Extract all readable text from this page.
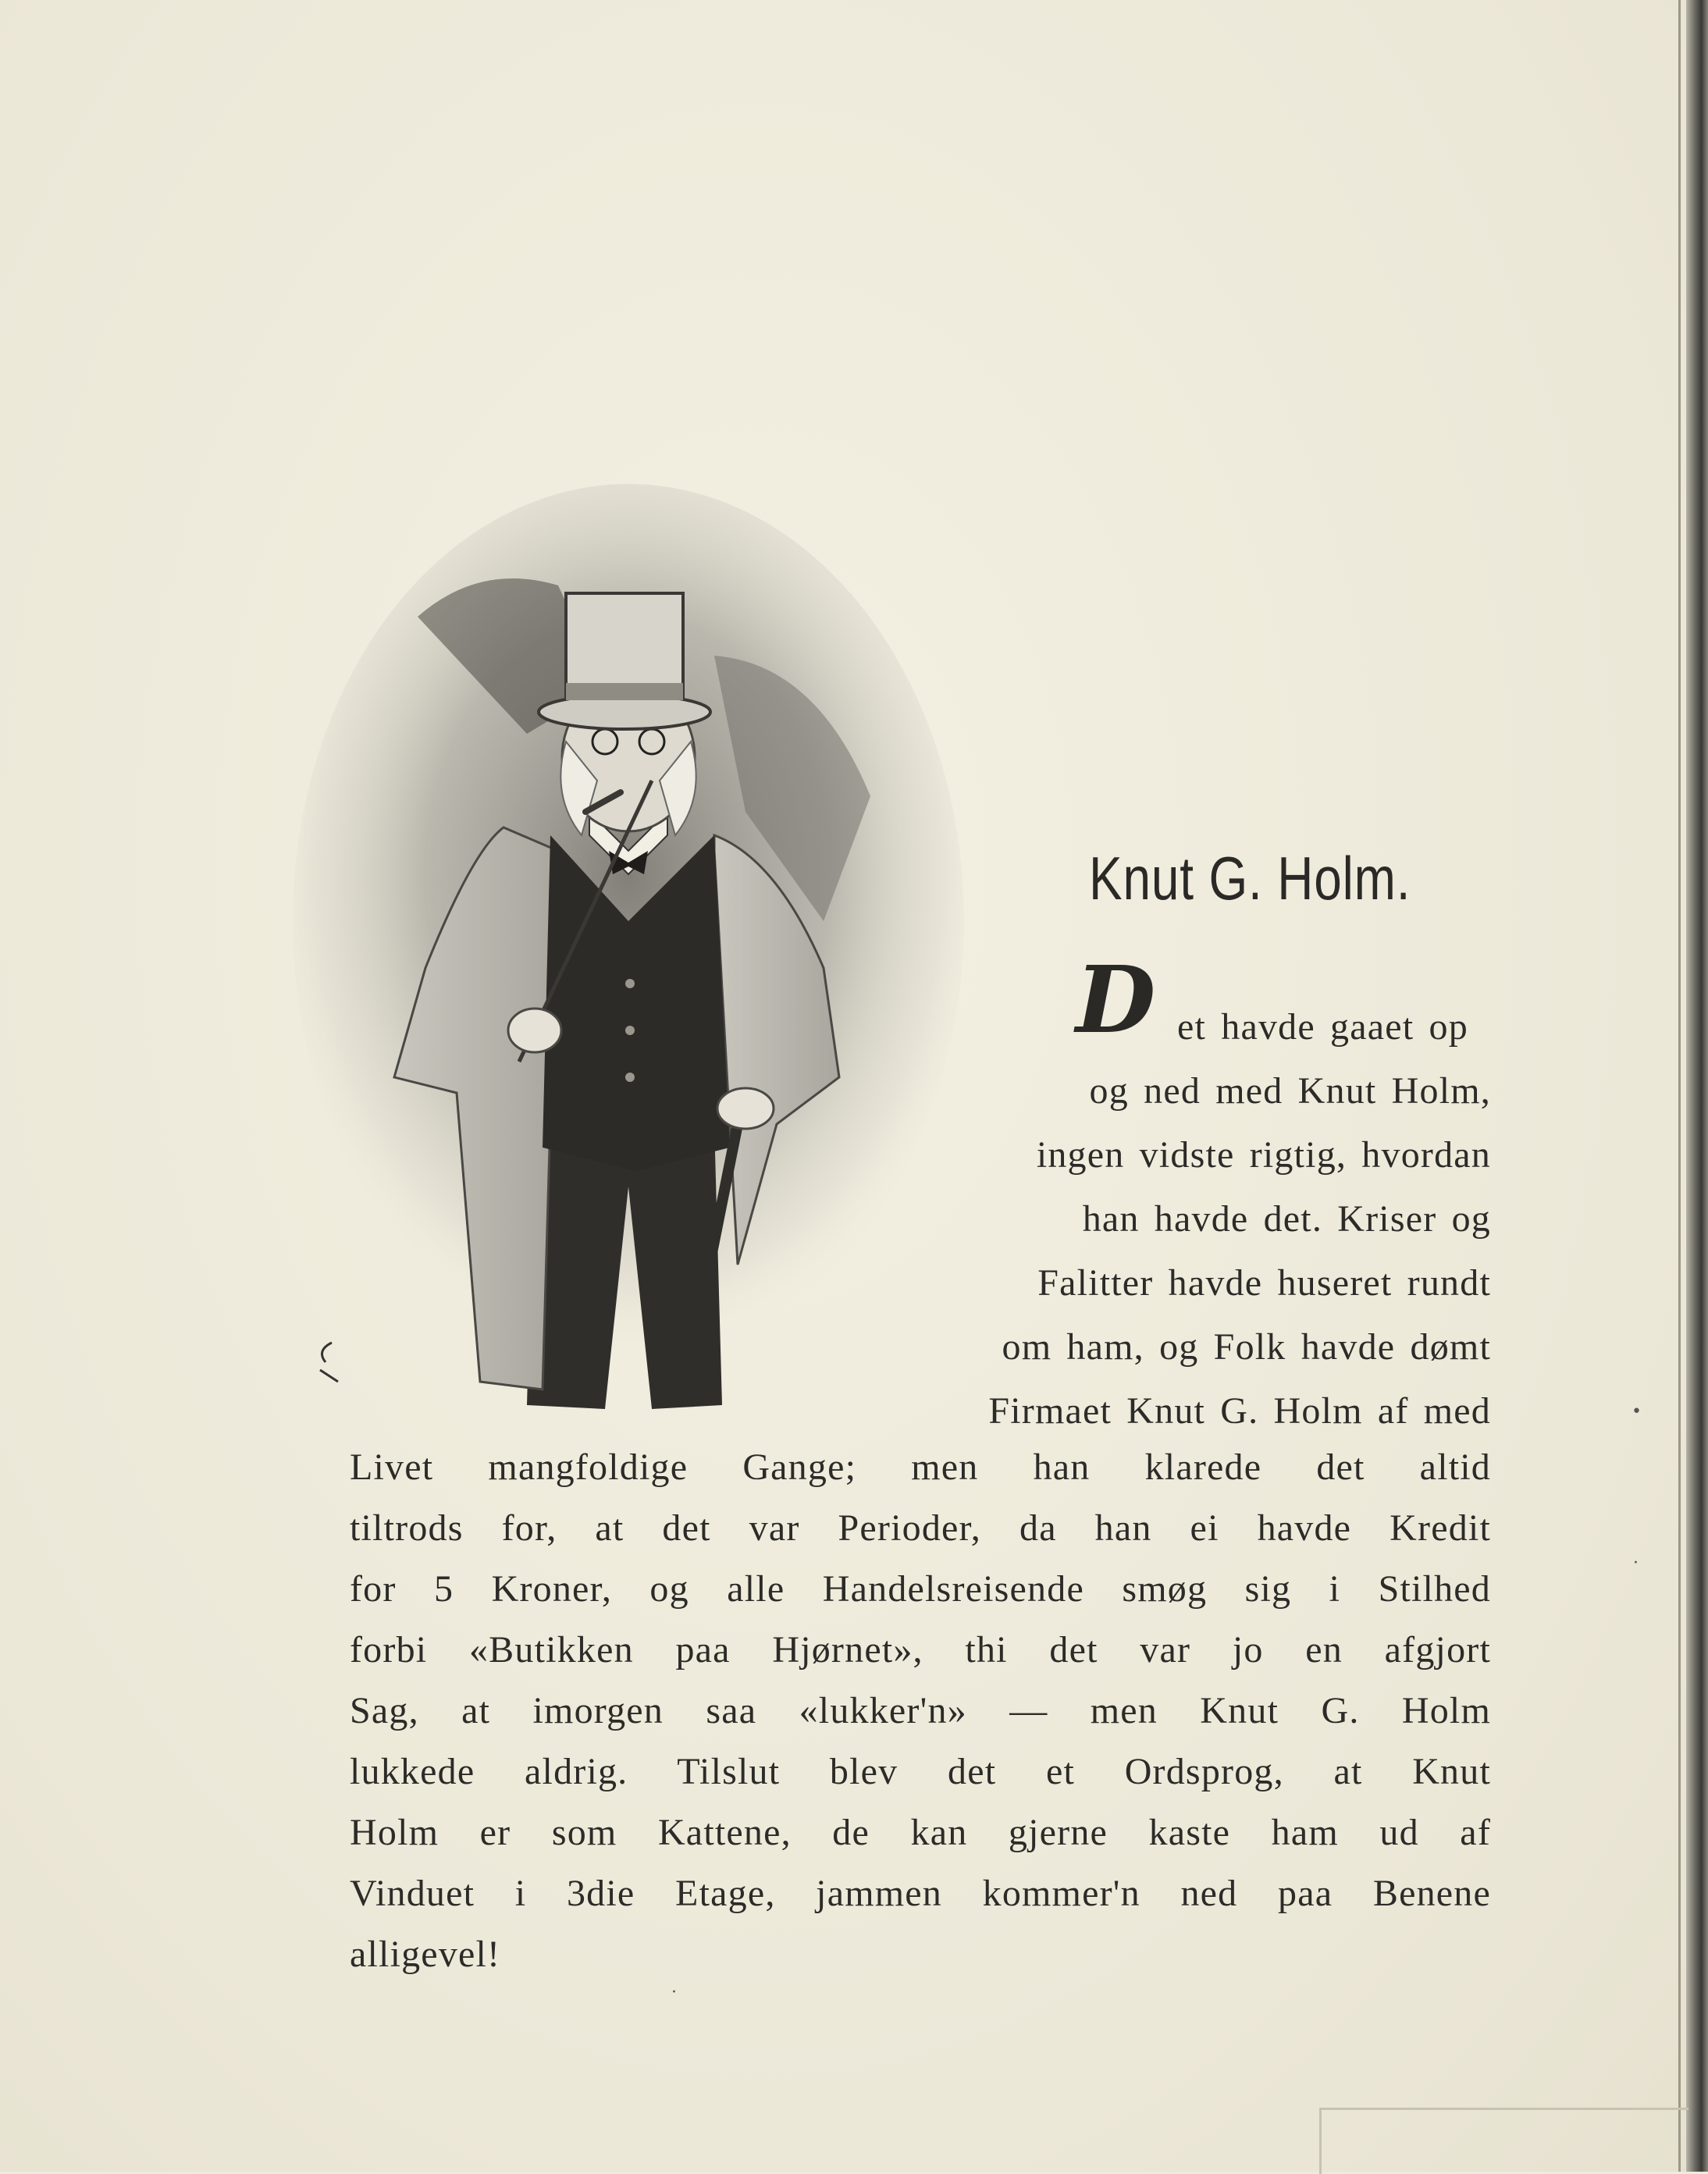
Knut G. Holm.
D et havde gaaet op
og ned med Knut Holm,
ingen vidste rigtig, hvordan
han havde det. Kriser og
Falitter havde huseret rundt
om ham, og Folk havde dømt
Firmaet Knut G. Holm af med
Livet mangfoldige Gange; men han klarede det altid
tiltrods for, at det var Perioder, da han ei havde Kredit
for 5 Kroner, og alle Handelsreisende smøg sig i Stilhed
forbi «Butikken paa Hjørnet», thi det var jo en afgjort
Sag, at imorgen saa «lukker'n» — men Knut G. Holm
lukkede aldrig. Tilslut blev det et Ordsprog, at Knut
Holm er som Kattene, de kan gjerne kaste ham ud af
Vinduet i 3die Etage, jammen kommer'n ned paa Benene
alligevel!
•
·
·
